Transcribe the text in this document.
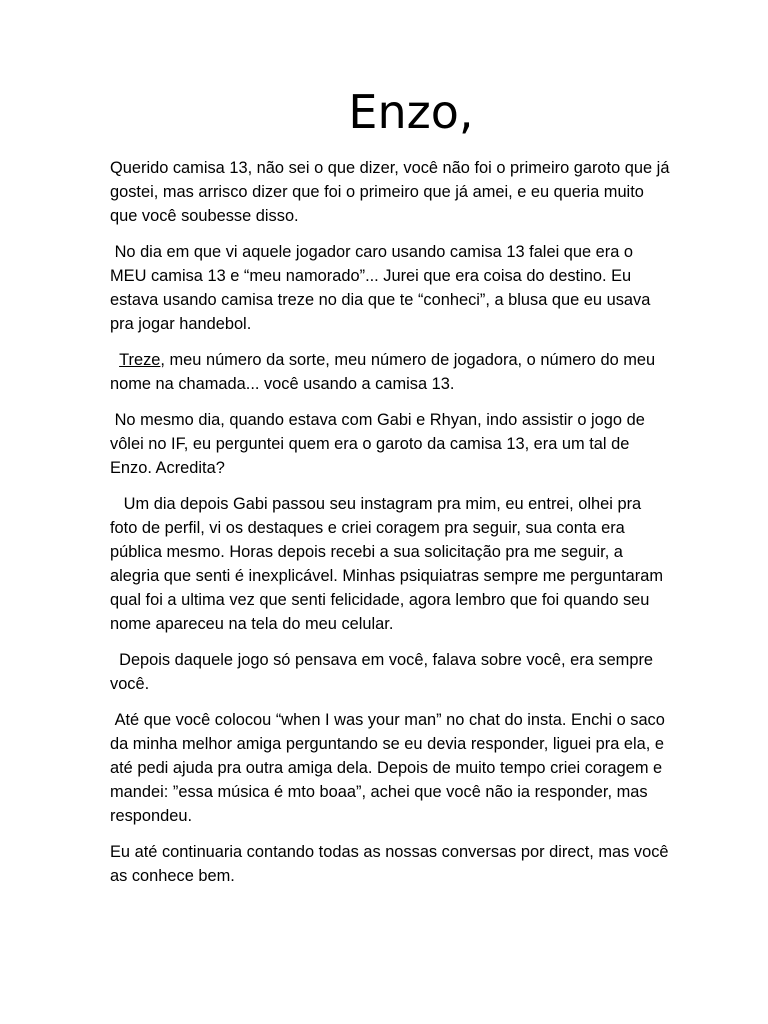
Enzo,

Querido camisa 13, não sei o que dizer, você não foi o primeiro garoto que já gostei, mas arrisco dizer que foi o primeiro que já amei, e eu queria muito que você soubesse disso.

No dia em que vi aquele jogador caro usando camisa 13 falei que era o MEU camisa 13 e “meu namorado”... Jurei que era coisa do destino. Eu estava usando camisa treze no dia que te “conheci”, a blusa que eu usava pra jogar handebol.

Treze, meu número da sorte, meu número de jogadora, o número do meu nome na chamada... você usando a camisa 13.

No mesmo dia, quando estava com Gabi e Rhyan, indo assistir o jogo de vôlei no IF, eu perguntei quem era o garoto da camisa 13, era um tal de Enzo. Acredita?

Um dia depois Gabi passou seu instagram pra mim, eu entrei, olhei pra foto de perfil, vi os destaques e criei coragem pra seguir, sua conta era pública mesmo. Horas depois recebi a sua solicitação pra me seguir, a alegria que senti é inexplicável. Minhas psiquiatras sempre me perguntaram qual foi a ultima vez que senti felicidade, agora lembro que foi quando seu nome apareceu na tela do meu celular.

Depois daquele jogo só pensava em você, falava sobre você, era sempre você.

Até que você colocou “when I was your man” no chat do insta. Enchi o saco da minha melhor amiga perguntando se eu devia responder, liguei pra ela, e até pedi ajuda pra outra amiga dela. Depois de muito tempo criei coragem e mandei: ”essa música é mto boaa”, achei que você não ia responder, mas respondeu.

Eu até continuaria contando todas as nossas conversas por direct, mas você as conhece bem.
